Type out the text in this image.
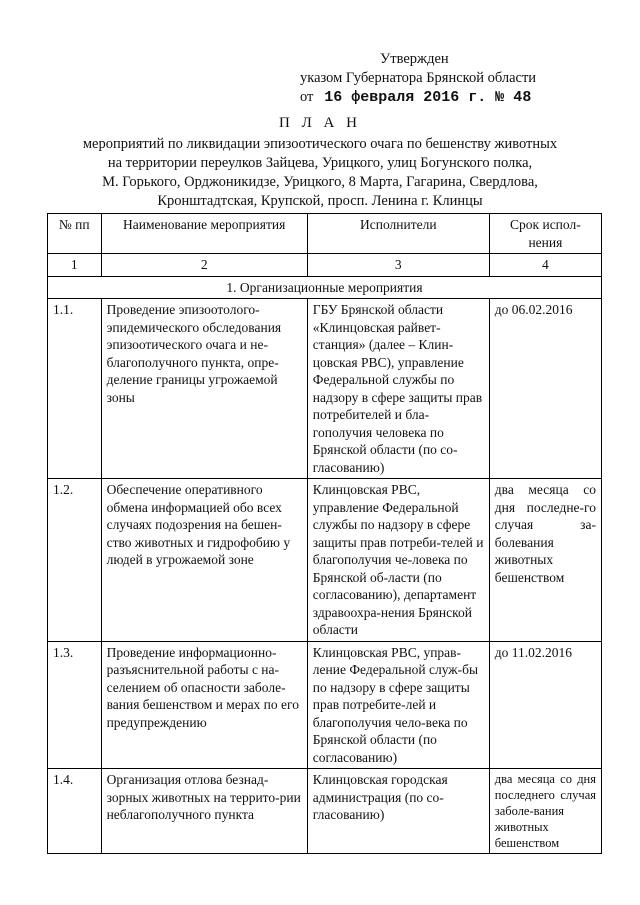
Утвержден
указом Губернатора Брянской области
от 16 февраля 2016 г. № 48
П Л А Н
мероприятий по ликвидации эпизоотического очага по бешенству животных
на территории переулков Зайцева, Урицкого, улиц Богунского полка,
М. Горького, Орджоникидзе, Урицкого, 8 Марта, Гагарина, Свердлова,
Кронштадтская, Крупской, просп. Ленина г. Клинцы
№ пп	Наименование мероприятия	Исполнители	Срок испол- нения
1	2	3	4
1. Организационные мероприятия			
1.1.	Проведение эпизоотолого-эпидемического обследования эпизоотического очага и не-благополучного пункта, опре-деление границы угрожаемой зоны	ГБУ Брянской области «Клинцовская райвет-станция» (далее – Клин-цовская РВС), управление Федеральной службы по надзору в сфере защиты прав потребителей и бла-гополучия человека по Брянской области (по со-гласованию)	до 06.02.2016
1.2.	Обеспечение оперативного обмена информацией обо всех случаях подозрения на бешен-ство животных и гидрофобию у людей в угрожаемой зоне	Клинцовская РВС, управление Федеральной службы по надзору в сфере защиты прав потреби-телей и благополучия че-ловека по Брянской об-ласти (по согласованию), департамент здравоохра-нения Брянской области	два месяца со дня последне-го случая за-болевания животных бешенством
1.3.	Проведение информационно-разъяснительной работы с на-селением об опасности заболе-вания бешенством и мерах по его предупреждению	Клинцовская РВС, управ-ление Федеральной служ-бы по надзору в сфере защиты прав потребите-лей и благополучия чело-века по Брянской области (по согласованию)	до 11.02.2016
1.4.	Организация отлова безнад-зорных животных на террито-рии неблагополучного пункта	Клинцовская городская администрация (по со-гласованию)	два месяца со дня последнего случая заболе-вания животных бешенством
